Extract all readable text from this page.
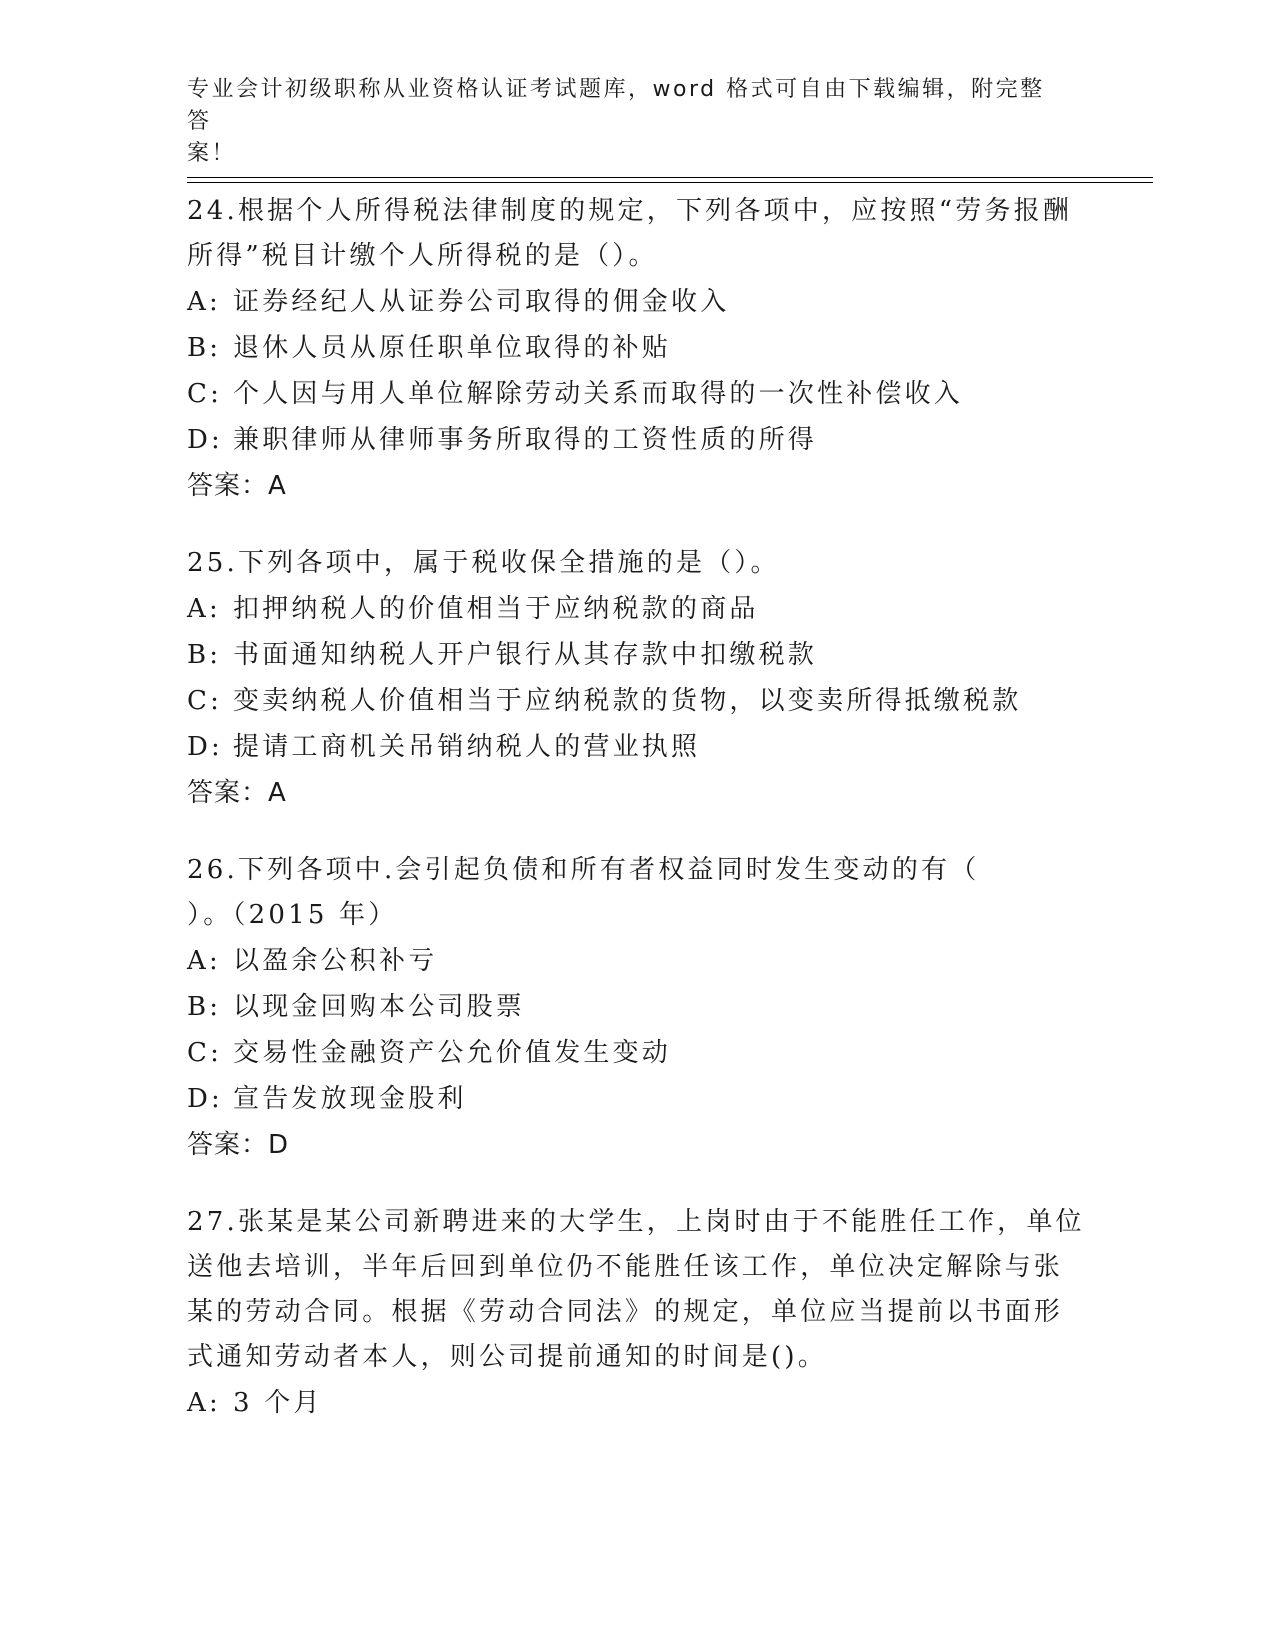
专业会计初级职称从业资格认证考试题库，word 格式可自由下载编辑，附完整答
案！

24.根据个人所得税法律制度的规定，下列各项中，应按照“劳务报酬

所得”税目计缴个人所得税的是（）。

A: 证券经纪人从证券公司取得的佣金收入

B: 退休人员从原任职单位取得的补贴

C: 个人因与用人单位解除劳动关系而取得的一次性补偿收入

D: 兼职律师从律师事务所取得的工资性质的所得

答案：A

25.下列各项中，属于税收保全措施的是（）。

A: 扣押纳税人的价值相当于应纳税款的商品

B: 书面通知纳税人开户银行从其存款中扣缴税款

C: 变卖纳税人价值相当于应纳税款的货物，以变卖所得抵缴税款

D: 提请工商机关吊销纳税人的营业执照

答案：A

26.下列各项中.会引起负债和所有者权益同时发生变动的有（

）。（2015 年）

A: 以盈余公积补亏

B: 以现金回购本公司股票

C: 交易性金融资产公允价值发生变动

D: 宣告发放现金股利

答案：D

27.张某是某公司新聘进来的大学生，上岗时由于不能胜任工作，单位

送他去培训，半年后回到单位仍不能胜任该工作，单位决定解除与张

某的劳动合同。根据《劳动合同法》的规定，单位应当提前以书面形

式通知劳动者本人，则公司提前通知的时间是()。

A: 3 个月
